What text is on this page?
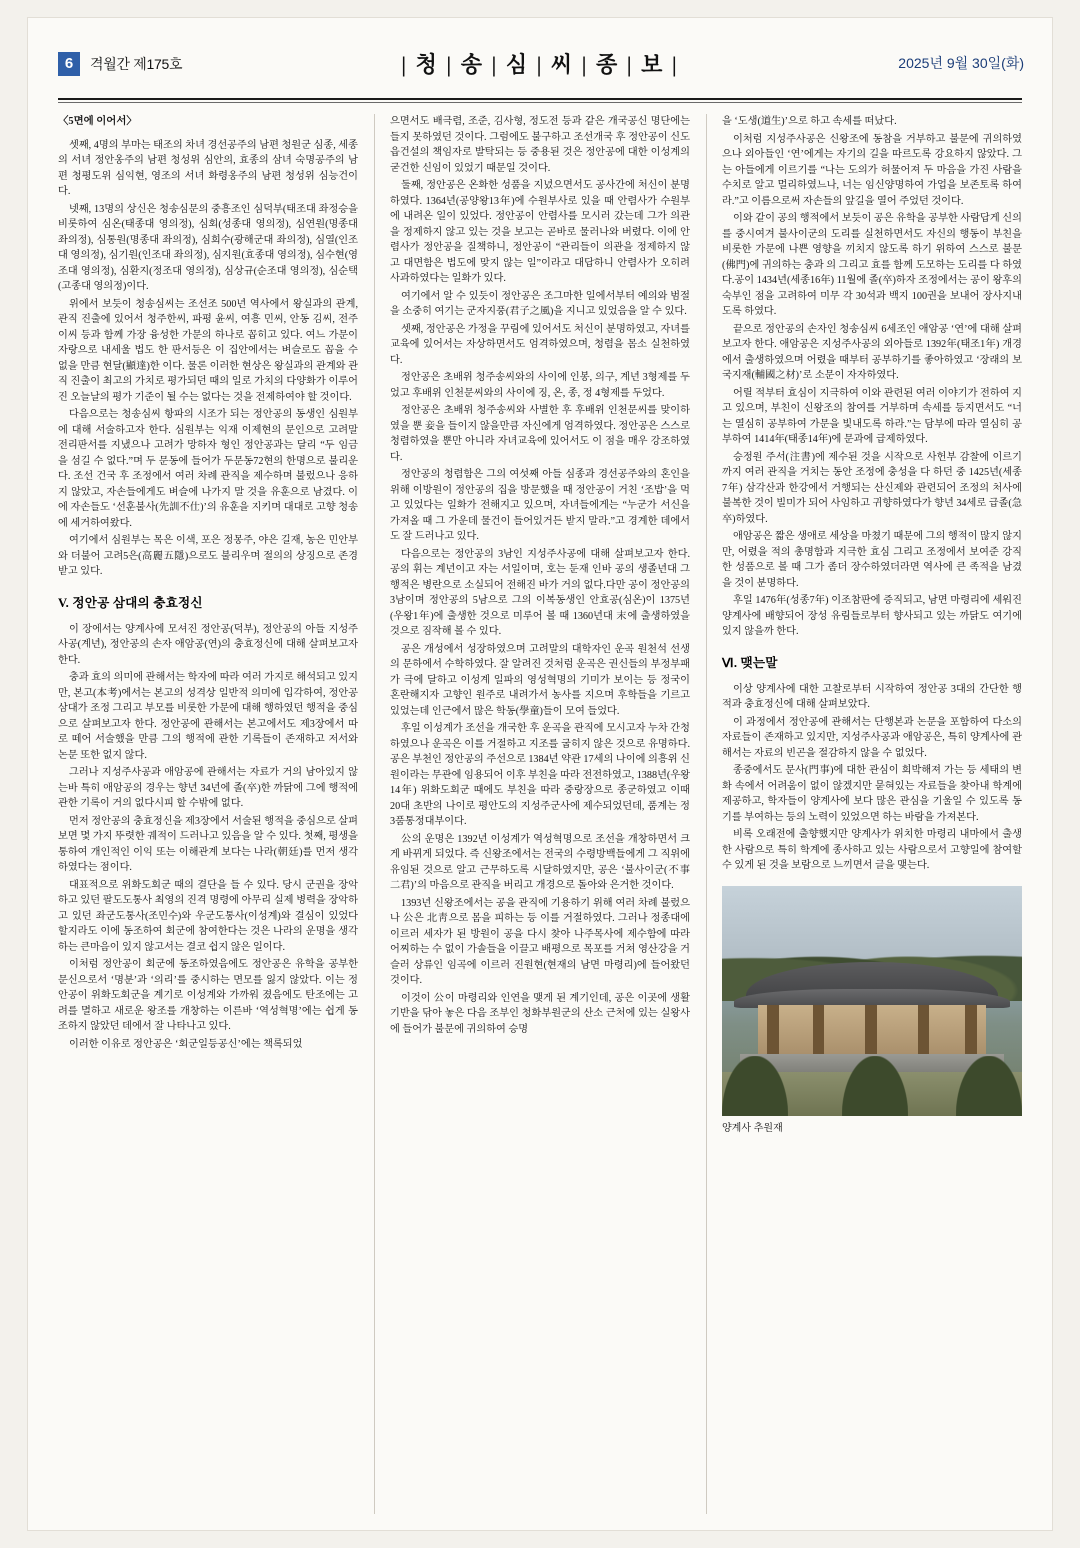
6	격월간 제175호	| 청 | 송 | 심 | 씨 | 종 | 보 |	2025년 9월 30일(화)

〈5면에 이어서〉

셋째, 4명의 부마는 태조의 차녀 경선공주의 남편 청원군 심종, 세종의 서녀 정안옹주의 남편 청성위 심안의, 효종의 삼녀 숙명공주의 남편 청평도위 심익현, 영조의 서녀 화령옹주의 남편 청성위 심능건이다.

넷째, 13명의 상신은 청송심문의 중흥조인 심덕부(태조대 좌정승을 비롯하여 심온(태종대 영의정), 심회(성종대 영의정), 심연원(명종대 좌의정), 심통원(명종대 좌의정), 심희수(광해군대 좌의정), 심열(인조대 영의정), 심기원(인조대 좌의정), 심지원(효종대 영의정), 심수현(영조대 영의정), 심환지(정조대 영의정), 심상규(순조대 영의정), 심순택(고종대 영의정)이다.

위에서 보듯이 청송심씨는 조선조 500년 역사에서 왕실과의 관계, 관직 진출에 있어서 청주한씨, 파평 윤씨, 여흥 민씨, 안동 김씨, 전주 이씨 등과 함께 가장 융성한 가문의 하나로 꼽히고 있다. 여느 가문이 자랑으로 내세울 법도 한 판서등은 이 집안에서는 벼슬로도 꼽을 수 없을 만큼 현달(顯達)한 이다. 물론 이러한 현상은 왕실과의 관계와 관직 진출이 최고의 가치로 평가되던 때의 일로 가치의 다양화가 이루어진 오늘날의 평가 기준이 될 수는 없다는 것을 전제하여야 할 것이다.

다음으로는 청송심씨 항파의 시조가 되는 정안공의 동생인 심원부에 대해 서술하고자 한다. 심원부는 익재 이제현의 문인으로 고려말 전리판서를 지냈으나 고려가 망하자 형인 정안공과는 달리 “두 임금을 섬길 수 없다.”며 두 문동에 들어가 두문동72현의 한명으로 불리운다. 조선 건국 후 조정에서 여러 차례 관직을 제수하며 불렀으나 응하지 않았고, 자손들에게도 벼슬에 나가지 말 것을 유훈으로 남겼다. 이에 자손들도 ‘선훈불사(先訓不仕)’의 유훈을 지키며 대대로 고향 청송에 세거하여왔다.

여기에서 심원부는 목은 이색, 포은 정몽주, 야은 길재, 농은 민안부와 더불어 고려5은(高麗五隱)으로도 불리우며 절의의 상징으로 존경 받고 있다.

V. 정안공 삼대의 충효정신

이 장에서는 양계사에 모셔진 정안공(덕부), 정안공의 아들 지성주사공(계년), 정안공의 손자 애암공(연)의 충효정신에 대해 살펴보고자 한다.

충과 효의 의미에 관해서는 학자에 따라 여러 가지로 해석되고 있지만, 본고(本考)에서는 본고의 성격상 일반적 의미에 입각하여, 정안공 삼대가 조정 그리고 부모를 비롯한 가문에 대해 행하였던 행적을 중심으로 살펴보고자 한다. 정안공에 관해서는 본고에서도 제3장에서 따로 떼어 서술했을 만큼 그의 행적에 관한 기록들이 존재하고 저서와 논문 또한 없지 않다.

그러나 지성주사공과 애암공에 관해서는 자료가 거의 남아있지 않는바 특히 애암공의 경우는 향년 34년에 졸(卒)한 까닭에 그에 행적에 관한 기록이 거의 없다시피 할 수밖에 없다.

먼저 정안공의 충효정신을 제3장에서 서술된 행적을 중심으로 살펴보면 몇 가지 뚜렷한 궤적이 드러나고 있음을 알 수 있다. 첫째, 평생을 통하여 개인적인 이익 또는 이해관계 보다는 나라(朝廷)를 먼저 생각하였다는 점이다.

대표적으로 위화도회군 때의 결단을 들 수 있다. 당시 군권을 장악하고 있던 팔도도통사 최영의 진격 명령에 아무리 실제 병력을 장악하고 있던 좌군도통사(조민수)와 우군도통사(이성계)와 결심이 있었다 할지라도 이에 동조하여 회군에 참여한다는 것은 나라의 운명을 생각하는 큰마음이 있지 않고서는 결코 쉽지 않은 일이다.

이처럼 정안공이 회군에 동조하였음에도 정안공은 유학을 공부한 문신으로서 ‘명분’과 ‘의리’를 중시하는 면모를 잃지 않았다. 이는 정안공이 위화도회군을 계기로 이성계와 가까워 졌음에도 탄조에는 고려를 멸하고 새로운 왕조를 개창하는 이른바 ‘역성혁명’에는 쉽게 동조하지 않았던 데에서 잘 나타나고 있다.

이러한 이유로 정안공은 ‘회군일등공신’에는 책록되었

으면서도 배극렴, 조준, 김사형, 정도전 등과 같은 개국공신 명단에는 들지 못하였던 것이다. 그럼에도 불구하고 조선개국 후 정안공이 신도읍건설의 책임자로 발탁되는 등 중용된 것은 정안공에 대한 이성계의 굳건한 신임이 있었기 때문일 것이다.

둘째, 정안공은 온화한 성품을 지녔으면서도 공사간에 처신이 분명하였다. 1364년(공양왕13年)에 수원부사로 있을 때 안렴사가 수원부에 내려온 일이 있었다. 정안공이 안렴사를 모시러 갔는데 그가 의관을 정제하지 않고 있는 것을 보고는 곧바로 물러나와 버렸다. 이에 안렴사가 정안공을 질책하니, 정안공이 “관리들이 의관을 정제하지 않고 대면함은 법도에 맞지 않는 일”이라고 대답하니 안렴사가 오히려 사과하였다는 일화가 있다.

여기에서 알 수 있듯이 정안공은 조그마한 일에서부터 예의와 범절을 소중히 여기는 군자지풍(君子之風)을 지니고 있었음을 알 수 있다.

셋째, 정안공은 가정을 꾸림에 있어서도 처신이 분명하였고, 자녀를 교육에 있어서는 자상하면서도 엄격하였으며, 청렴을 몸소 실천하였다.

정안공은 초배위 청주송씨와의 사이에 인봉, 의구, 계년 3형제를 두었고 후배위 인천문씨와의 사이에 징, 온, 종, 정 4형제를 두었다.

정안공은 초배위 청주송씨와 사별한 후 후배위 인천문씨를 맞이하였을 뿐 妾을 들이지 않을만큼 자신에게 엄격하였다. 정안공은 스스로 청렴하였을 뿐만 아니라 자녀교육에 있어서도 이 점을 매우 강조하였다.

정안공의 청렴함은 그의 여섯째 아들 심종과 경선공주와의 혼인을 위해 이방원이 정안공의 집을 방문했을 때 정안공이 거친 ‘조밥’을 먹고 있었다는 일화가 전해지고 있으며, 자녀들에게는 “누군가 서신을 가져올 때 그 가운데 물건이 들어있거든 받지 말라.”고 경계한 데에서도 잘 드러나고 있다.

다음으로는 정안공의 3남인 지성주사공에 대해 살펴보고자 한다. 공의 휘는 계년이고 자는 서일이며, 호는 둔재 인바 공의 생졸년대 그 행적은 병란으로 소실되어 전해진 바가 거의 없다.다만 공이 정안공의 3남이며 정안공의 5남으로 그의 이복동생인 안효공(심온)이 1375년(우왕1年)에 출생한 것으로 미루어 볼 때 1360년대 末에 출생하였을 것으로 짐작해 볼 수 있다.

공은 개성에서 성장하였으며 고려말의 대학자인 운곡 원천석 선생의 문하에서 수학하였다. 잘 알려진 것처럼 운곡은 권신들의 부정부패가 극에 달하고 이성계 일파의 영성혁명의 기미가 보이는 등 정국이 혼란해지자 고향인 원주로 내려가서 농사를 지으며 후학들을 기르고 있었는데 인근에서 많은 학동(學童)들이 모여 들었다.

후일 이성계가 조선을 개국한 후 운곡을 관직에 모시고자 누차 간청하였으나 운곡은 이를 거절하고 지조를 굽히지 않은 것으로 유명하다.공은 부천인 정안공의 주선으로 1384년 약관 17세의 나이에 의흥위 신원이라는 무관에 임용되어 이후 부친을 따라 전전하였고, 1388년(우왕14年) 위화도회군 때에도 부친을 따라 중랑장으로 종군하였고 이때 20대 초반의 나이로 평안도의 지성주군사에 제수되었던데, 품계는 정3품통정대부이다.

公의 운명은 1392년 이성계가 역성혁명으로 조선을 개창하면서 크게 바뀌게 되었다. 즉 신왕조에서는 전국의 수령방백들에게 그 직위에 유임된 것으로 알고 근무하도록 시달하였지만, 공은 ‘불사이군(不事二君)’의 마음으로 관직을 버리고 개경으로 돌아와 은거한 것이다.

1393년 신왕조에서는 공을 관직에 기용하기 위해 여러 차례 불렀으나 公은 北靑으로 몸을 피하는 등 이를 거절하였다. 그러나 정종대에 이르러 세자가 된 방원이 공을 다시 찾아 나주목사에 제수함에 따라 어찌하는 수 없이 가솔들을 이끌고 배평으로 목포를 거쳐 영산강을 거슬러 상류인 임곡에 이르러 진원현(현재의 남면 마령리)에 들어왔던 것이다.

이것이 公이 마령리와 인연을 맺게 된 계기인데, 공은 이곳에 생활기반을 닦아 놓은 다음 조부인 청화부원군의 산소 근처에 있는 실왕사에 들어가 불문에 귀의하여 승명

을 ‘도생(道生)’으로 하고 속세를 떠났다.

이처럼 지성주사공은 신왕조에 동참을 거부하고 불문에 귀의하였으나 외아들인 ‘연’에게는 자기의 길을 따르도록 강요하지 않았다. 그는 아들에게 이르기를 “나는 도의가 허물어져 두 마음을 가진 사람을 수치로 알고 멀리하였느나, 너는 임신양명하여 가업을 보존토록 하여라.”고 이름으로써 자손들의 앞길을 열어 주었던 것이다.

이와 같이 공의 행적에서 보듯이 공은 유학을 공부한 사람답게 신의를 중시여겨 불사이군의 도리를 실천하면서도 자신의 행동이 부친을 비롯한 가문에 나쁜 영향을 끼치지 않도록 하기 위하여 스스로 불문(佛門)에 귀의하는 충과 의 그리고 효를 함께 도모하는 도리를 다 하였다.공이 1434년(세종16年) 11월에 졸(卒)하자 조정에서는 공이 왕후의 숙부인 점을 고려하여 미무 각 30석과 백지 100권을 보내어 장사지내도록 하였다.

끝으로 정안공의 손자인 청송심씨 6세조인 애암공 ‘연’에 대해 살펴보고자 한다. 애암공은 지성주사공의 외아들로 1392年(태조1年) 개경에서 출생하였으며 어렸을 때부터 공부하기를 좋아하였고 ‘장래의 보국지재(輔國之材)’로 소문이 자자하였다.

어릴 적부터 효심이 지극하여 이와 관련된 여러 이야기가 전하여 지고 있으며, 부친이 신왕조의 참여를 거부하며 속세를 등지면서도 “너는 열심히 공부하여 가문을 빛내도록 하라.”는 담부에 따라 열심히 공부하여 1414年(태종14年)에 문과에 급제하였다.

승정원 주서(注書)에 제수된 것을 시작으로 사헌부 감찰에 이르기까지 여러 관직을 거치는 동안 조정에 충성을 다 하던 중 1425년(세종7年) 삼각산과 한강에서 거행되는 산신제와 관련되어 조정의 처사에 불복한 것이 빌미가 되어 사임하고 귀향하였다가 향년 34세로 급졸(急卒)하였다.

애암공은 짧은 생애로 세상을 마쳤기 때문에 그의 행적이 많지 않지만, 어렸을 적의 총명함과 지극한 효심 그리고 조정에서 보여준 강직한 성품으로 볼 때 그가 좀더 장수하였더라면 역사에 큰 족적을 남겼을 것이 분명하다.

후일 1476年(성종7年) 이조참판에 증직되고, 남면 마령리에 세워진 양계사에 배향되어 장성 유림들로부터 향사되고 있는 까닭도 여기에 있지 않을까 한다.

Ⅵ. 맺는말

이상 양계사에 대한 고찰로부터 시작하여 정안공 3대의 간단한 행적과 충효정신에 대해 살펴보았다.

이 과정에서 정안공에 관해서는 단행본과 논문을 포함하여 다소의 자료들이 존재하고 있지만, 지성주사공과 애암공은, 특히 양계사에 관해서는 자료의 빈곤을 절감하지 않을 수 없었다.

종중에서도 문사(門事)에 대한 관심이 희박해져 가는 등 세태의 변화 속에서 어려움이 없이 않겠지만 묻혀있는 자료들을 찾아내 학계에 제공하고, 학자들이 양계사에 보다 많은 관심을 기울일 수 있도록 동기를 부여하는 등의 노력이 있었으면 하는 바람을 가져본다.

비록 오래전에 출향했지만 양계사가 위치한 마령리 내마에서 출생한 사람으로 특히 학계에 종사하고 있는 사람으로서 고향일에 참여할 수 있게 된 것을 보람으로 느끼면서 글을 맺는다.

양계사 추원재
